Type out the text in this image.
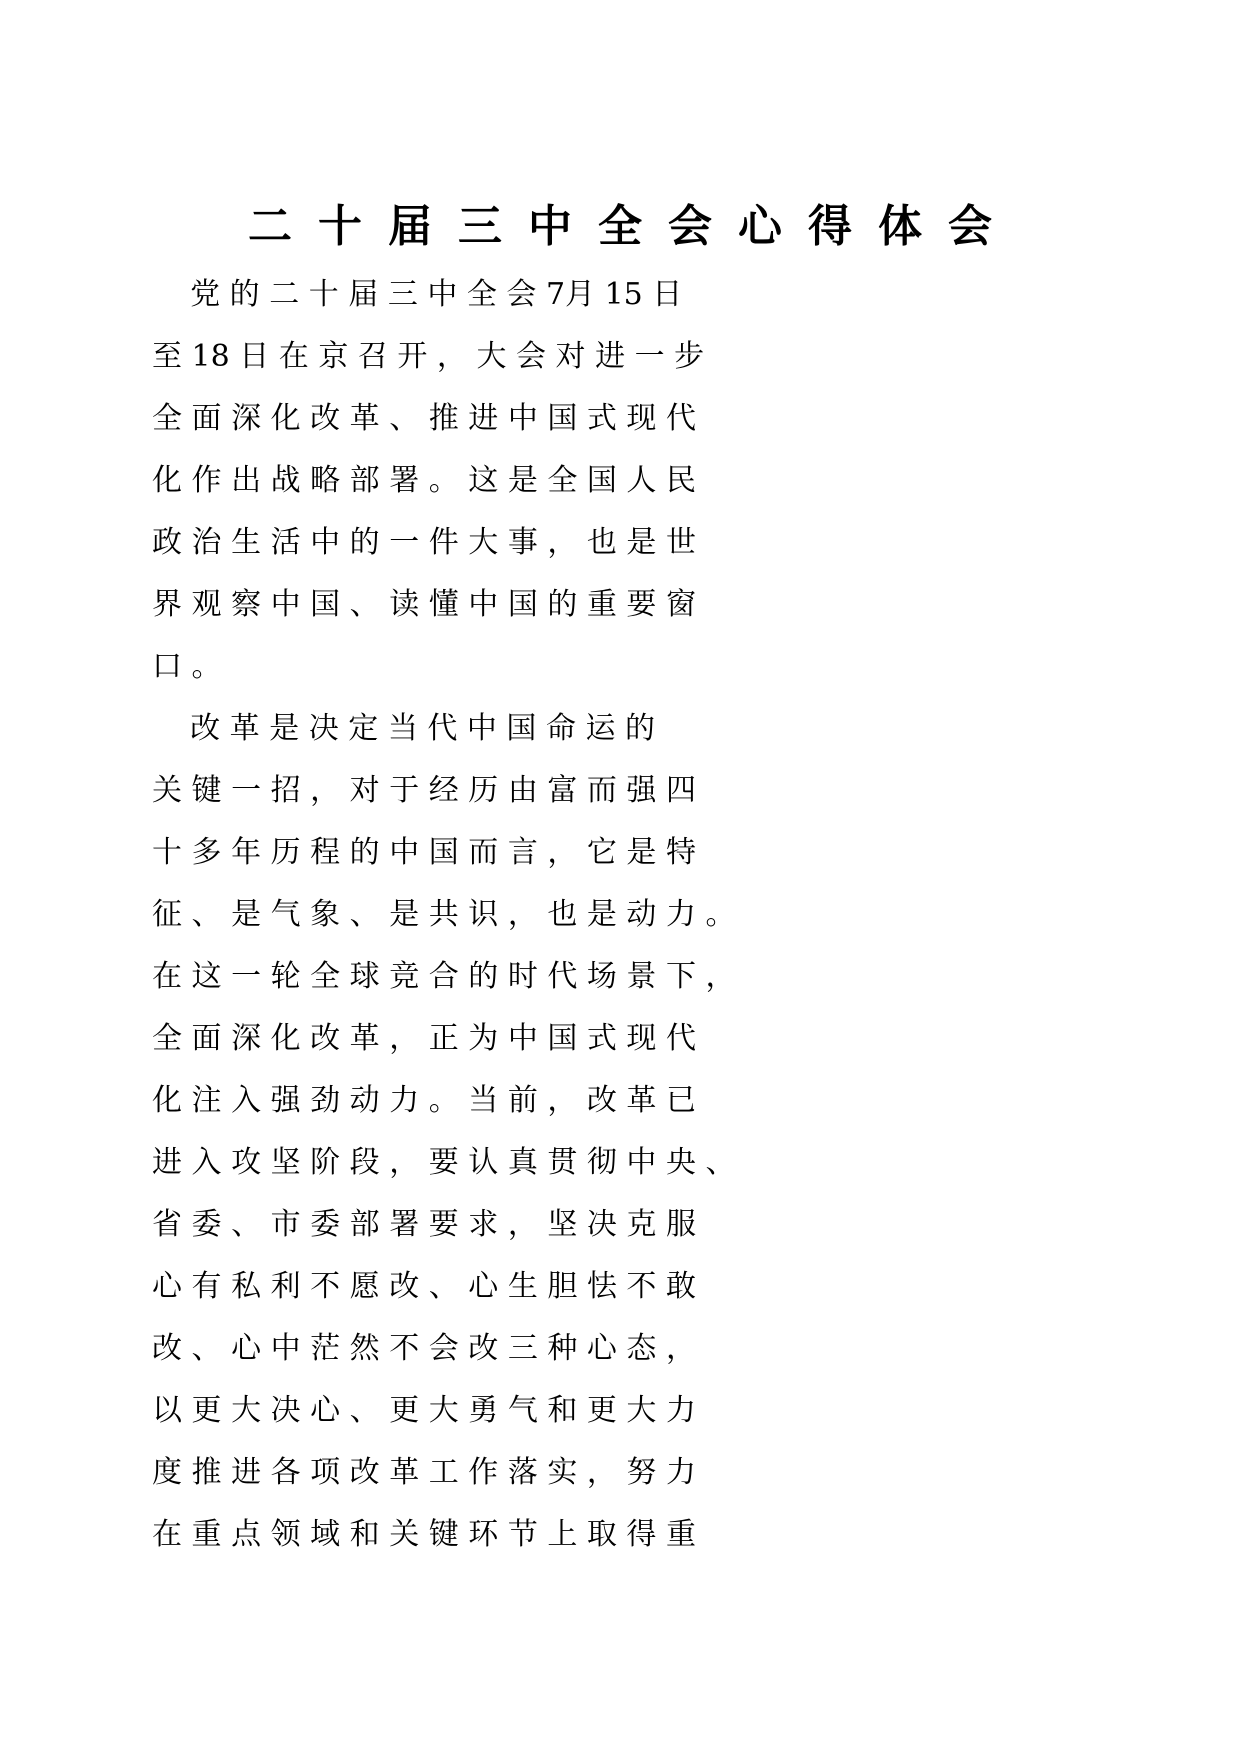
二十届三中全会心得体会
党 的 二 十 届 三 中 全 会 7月 15 日
至 18 日 在 京 召 开 ， 大 会 对 进 一 步
全 面 深 化 改 革 、 推 进 中 国 式 现 代
化 作 出 战 略 部 署 。 这 是 全 国 人 民
政 治 生 活 中 的 一 件 大 事 ， 也 是 世
界 观 察 中 国 、 读 懂 中 国 的 重 要 窗
口 。
改 革 是 决 定 当 代 中 国 命 运 的
关 键 一 招 ， 对 于 经 历 由 富 而 强 四
十 多 年 历 程 的 中 国 而 言 ， 它 是 特
征 、 是 气 象 、 是 共 识 ， 也 是 动 力 。
在 这 一 轮 全 球 竞 合 的 时 代 场 景 下 ，
全 面 深 化 改 革 ， 正 为 中 国 式 现 代
化 注 入 强 劲 动 力 。 当 前 ， 改 革 已
进 入 攻 坚 阶 段 ， 要 认 真 贯 彻 中 央 、
省 委 、 市 委 部 署 要 求 ， 坚 决 克 服
心 有 私 利 不 愿 改 、 心 生 胆 怯 不 敢
改 、 心 中 茫 然 不 会 改 三 种 心 态 ，
以 更 大 决 心 、 更 大 勇 气 和 更 大 力
度 推 进 各 项 改 革 工 作 落 实 ， 努 力
在 重 点 领 域 和 关 键 环 节 上 取 得 重
